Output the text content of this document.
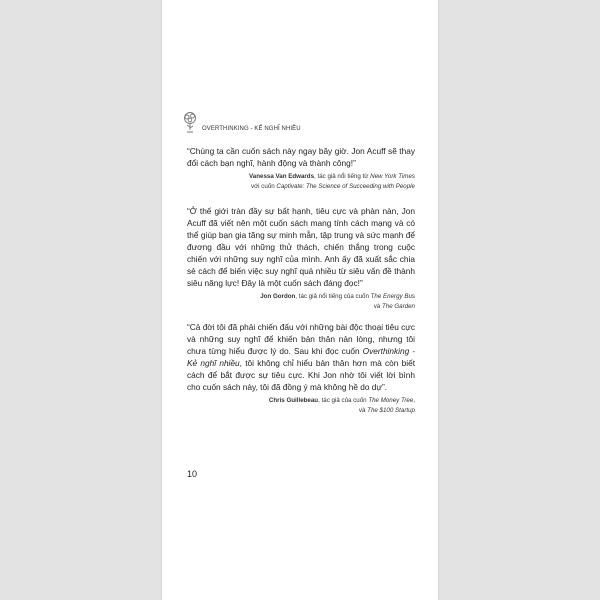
OVERTHINKING - KẾ NGHĨ NHIỀU

“Chúng ta cần cuốn sách này ngay bây giờ. Jon Acuff sẽ thay đổi cách bạn nghĩ, hành động và thành công!”

Vanessa Van Edwards, tác giả nổi tiếng từ New York Times
với cuốn Captivate: The Science of Succeeding with People

“Ở thế giới tràn đầy sự bất hạnh, tiêu cực và phàn nàn, Jon Acuff đã viết nên một cuốn sách mang tính cách mạng và có thể giúp bạn gia tăng sự minh mẫn, tập trung và sức mạnh để đương đầu với những thử thách, chiến thắng trong cuộc chiến với những suy nghĩ của mình. Anh ấy đã xuất sắc chia sẻ cách để biến việc suy nghĩ quá nhiều từ siêu vấn đề thành siêu năng lực! Đây là một cuốn sách đáng đọc!”

Jon Gordon, tác giả nổi tiếng của cuốn The Energy Bus
và The Garden

“Cả đời tôi đã phải chiến đấu với những bài độc thoại tiêu cực và những suy nghĩ để khiến bản thân nản lòng, nhưng tôi chưa từng hiểu được lý do. Sau khi đọc cuốn Overthinking - Kẻ nghĩ nhiều, tôi không chỉ hiểu bản thân hơn mà còn biết cách để bắt được sự tiêu cực. Khi Jon nhờ tôi viết lời bình cho cuốn sách này, tôi đã đồng ý mà không hề do dự”.

Chris Guillebeau, tác giả của cuốn The Money Tree,
và The $100 Startup
10
